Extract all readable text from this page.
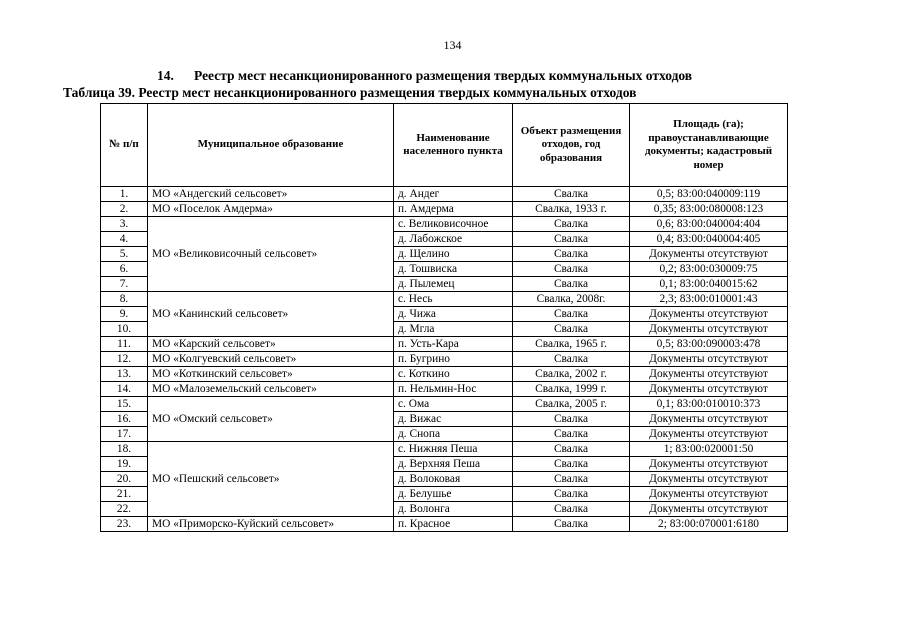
134
14. Реестр мест несанкционированного размещения твердых коммунальных отходов
Таблица 39. Реестр мест несанкционированного размещения твердых коммунальных отходов
№ п/п	Муниципальное образование	Наименование населенного пункта	Объект размещения отходов, год образования	Площадь (га); правоустанавливающие документы; кадастровый номер
1.	МО «Андегский сельсовет»	д. Андег	Свалка	0,5; 83:00:040009:119
2.	МО «Поселок Амдерма»	п. Амдерма	Свалка, 1933 г.	0,35; 83:00:080008:123
3.	МО «Великовисочный сельсовет»	с. Великовисочное	Свалка	0,6; 83:00:040004:404
4.		д. Лабожское	Свалка	0,4; 83:00:040004:405
5.		д. Щелино	Свалка	Документы отсутствуют
6.		д. Тошвиска	Свалка	0,2; 83:00:030009:75
7.		д. Пылемец	Свалка	0,1; 83:00:040015:62
8.	МО «Канинский сельсовет»	с. Несь	Свалка, 2008г.	2,3; 83:00:010001:43
9.		д. Чижа	Свалка	Документы отсутствуют
10.		д. Мгла	Свалка	Документы отсутствуют
11.	МО «Карский сельсовет»	п. Усть-Кара	Свалка, 1965 г.	0,5; 83:00:090003:478
12.	МО «Колгуевский сельсовет»	п. Бугрино	Свалка	Документы отсутствуют
13.	МО «Коткинский сельсовет»	с. Коткино	Свалка, 2002 г.	Документы отсутствуют
14.	МО «Малоземельский сельсовет»	п. Нельмин-Нос	Свалка, 1999 г.	Документы отсутствуют
15.	МО «Омский сельсовет»	с. Ома	Свалка, 2005 г.	0,1; 83:00:010010:373
16.		д. Вижас	Свалка	Документы отсутствуют
17.		д. Снопа	Свалка	Документы отсутствуют
18.	МО «Пешский сельсовет»	с. Нижняя Пеша	Свалка	1; 83:00:020001:50
19.		д. Верхняя Пеша	Свалка	Документы отсутствуют
20.		д. Волоковая	Свалка	Документы отсутствуют
21.		д. Белушье	Свалка	Документы отсутствуют
22.		д. Волонга	Свалка	Документы отсутствуют
23.	МО «Приморско-Куйский сельсовет»	п. Красное	Свалка	2; 83:00:070001:6180
